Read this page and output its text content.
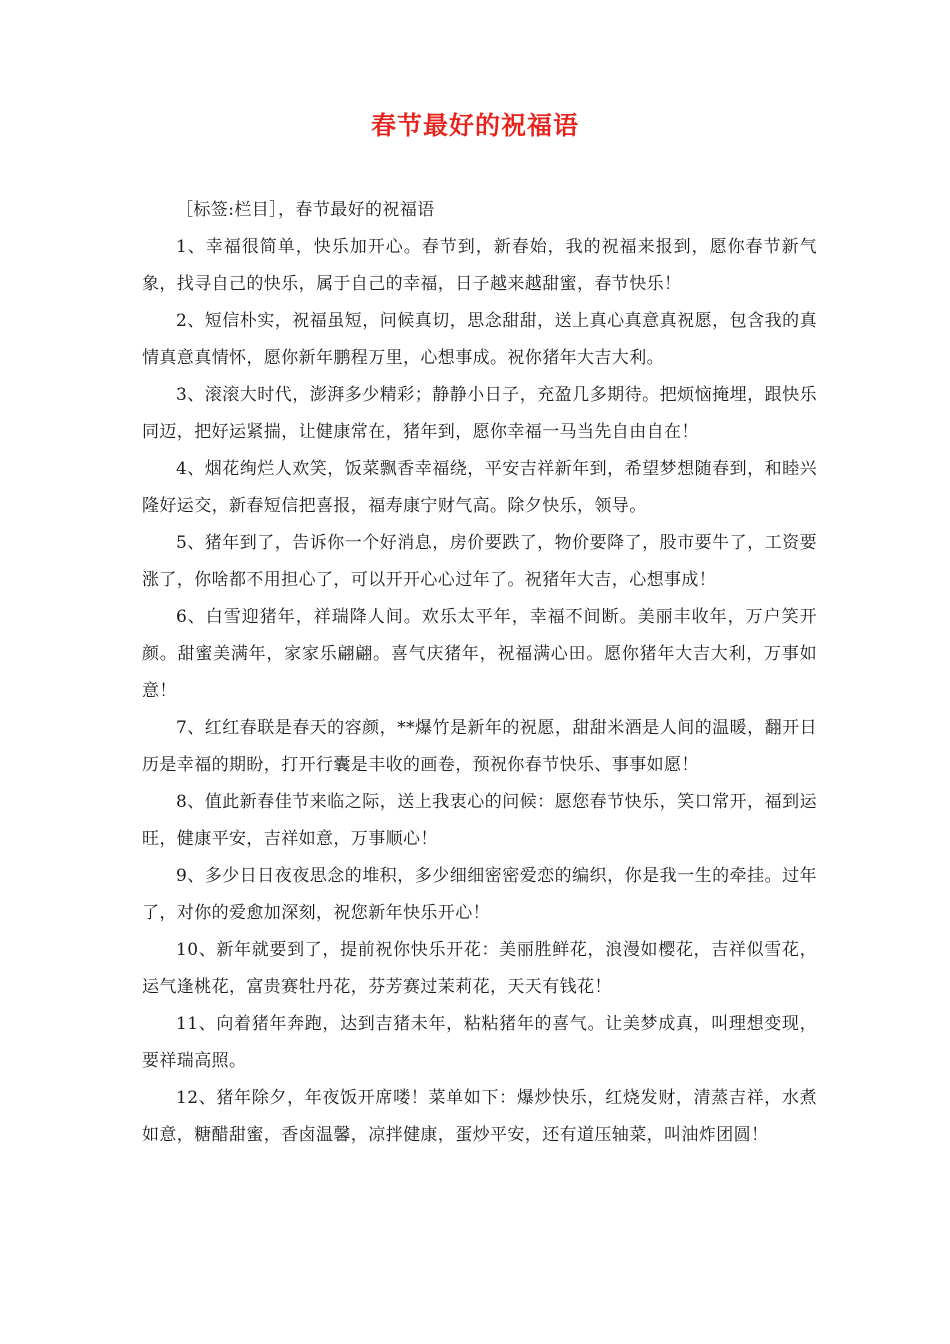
春节最好的祝福语

［标签:栏目］，春节最好的祝福语

1、幸福很简单，快乐加开心。春节到，新春始，我的祝福来报到，愿你春节新气象，找寻自己的快乐，属于自己的幸福，日子越来越甜蜜，春节快乐！

2、短信朴实，祝福虽短，问候真切，思念甜甜，送上真心真意真祝愿，包含我的真情真意真情怀，愿你新年鹏程万里，心想事成。祝你猪年大吉大利。

3、滚滚大时代，澎湃多少精彩；静静小日子，充盈几多期待。把烦恼掩埋，跟快乐同迈，把好运紧揣，让健康常在，猪年到，愿你幸福一马当先自由自在！

4、烟花绚烂人欢笑，饭菜飘香幸福绕，平安吉祥新年到，希望梦想随春到，和睦兴隆好运交，新春短信把喜报，福寿康宁财气高。除夕快乐，领导。

5、猪年到了，告诉你一个好消息，房价要跌了，物价要降了，股市要牛了，工资要涨了，你啥都不用担心了，可以开开心心过年了。祝猪年大吉，心想事成！

6、白雪迎猪年，祥瑞降人间。欢乐太平年，幸福不间断。美丽丰收年，万户笑开颜。甜蜜美满年，家家乐翩翩。喜气庆猪年，祝福满心田。愿你猪年大吉大利，万事如意！

7、红红春联是春天的容颜，**爆竹是新年的祝愿，甜甜米酒是人间的温暖，翻开日历是幸福的期盼，打开行囊是丰收的画卷，预祝你春节快乐、事事如愿！

8、值此新春佳节来临之际，送上我衷心的问候：愿您春节快乐，笑口常开，福到运旺，健康平安，吉祥如意，万事顺心！

9、多少日日夜夜思念的堆积，多少细细密密爱恋的编织，你是我一生的牵挂。过年了，对你的爱愈加深刻，祝您新年快乐开心！

10、新年就要到了，提前祝你快乐开花：美丽胜鲜花，浪漫如樱花，吉祥似雪花，运气逢桃花，富贵赛牡丹花，芬芳赛过茉莉花，天天有钱花！

11、向着猪年奔跑，达到吉猪未年，粘粘猪年的喜气。让美梦成真，叫理想变现，要祥瑞高照。

12、猪年除夕，年夜饭开席喽！菜单如下：爆炒快乐，红烧发财，清蒸吉祥，水煮如意，糖醋甜蜜，香卤温馨，凉拌健康，蛋炒平安，还有道压轴菜，叫油炸团圆！
